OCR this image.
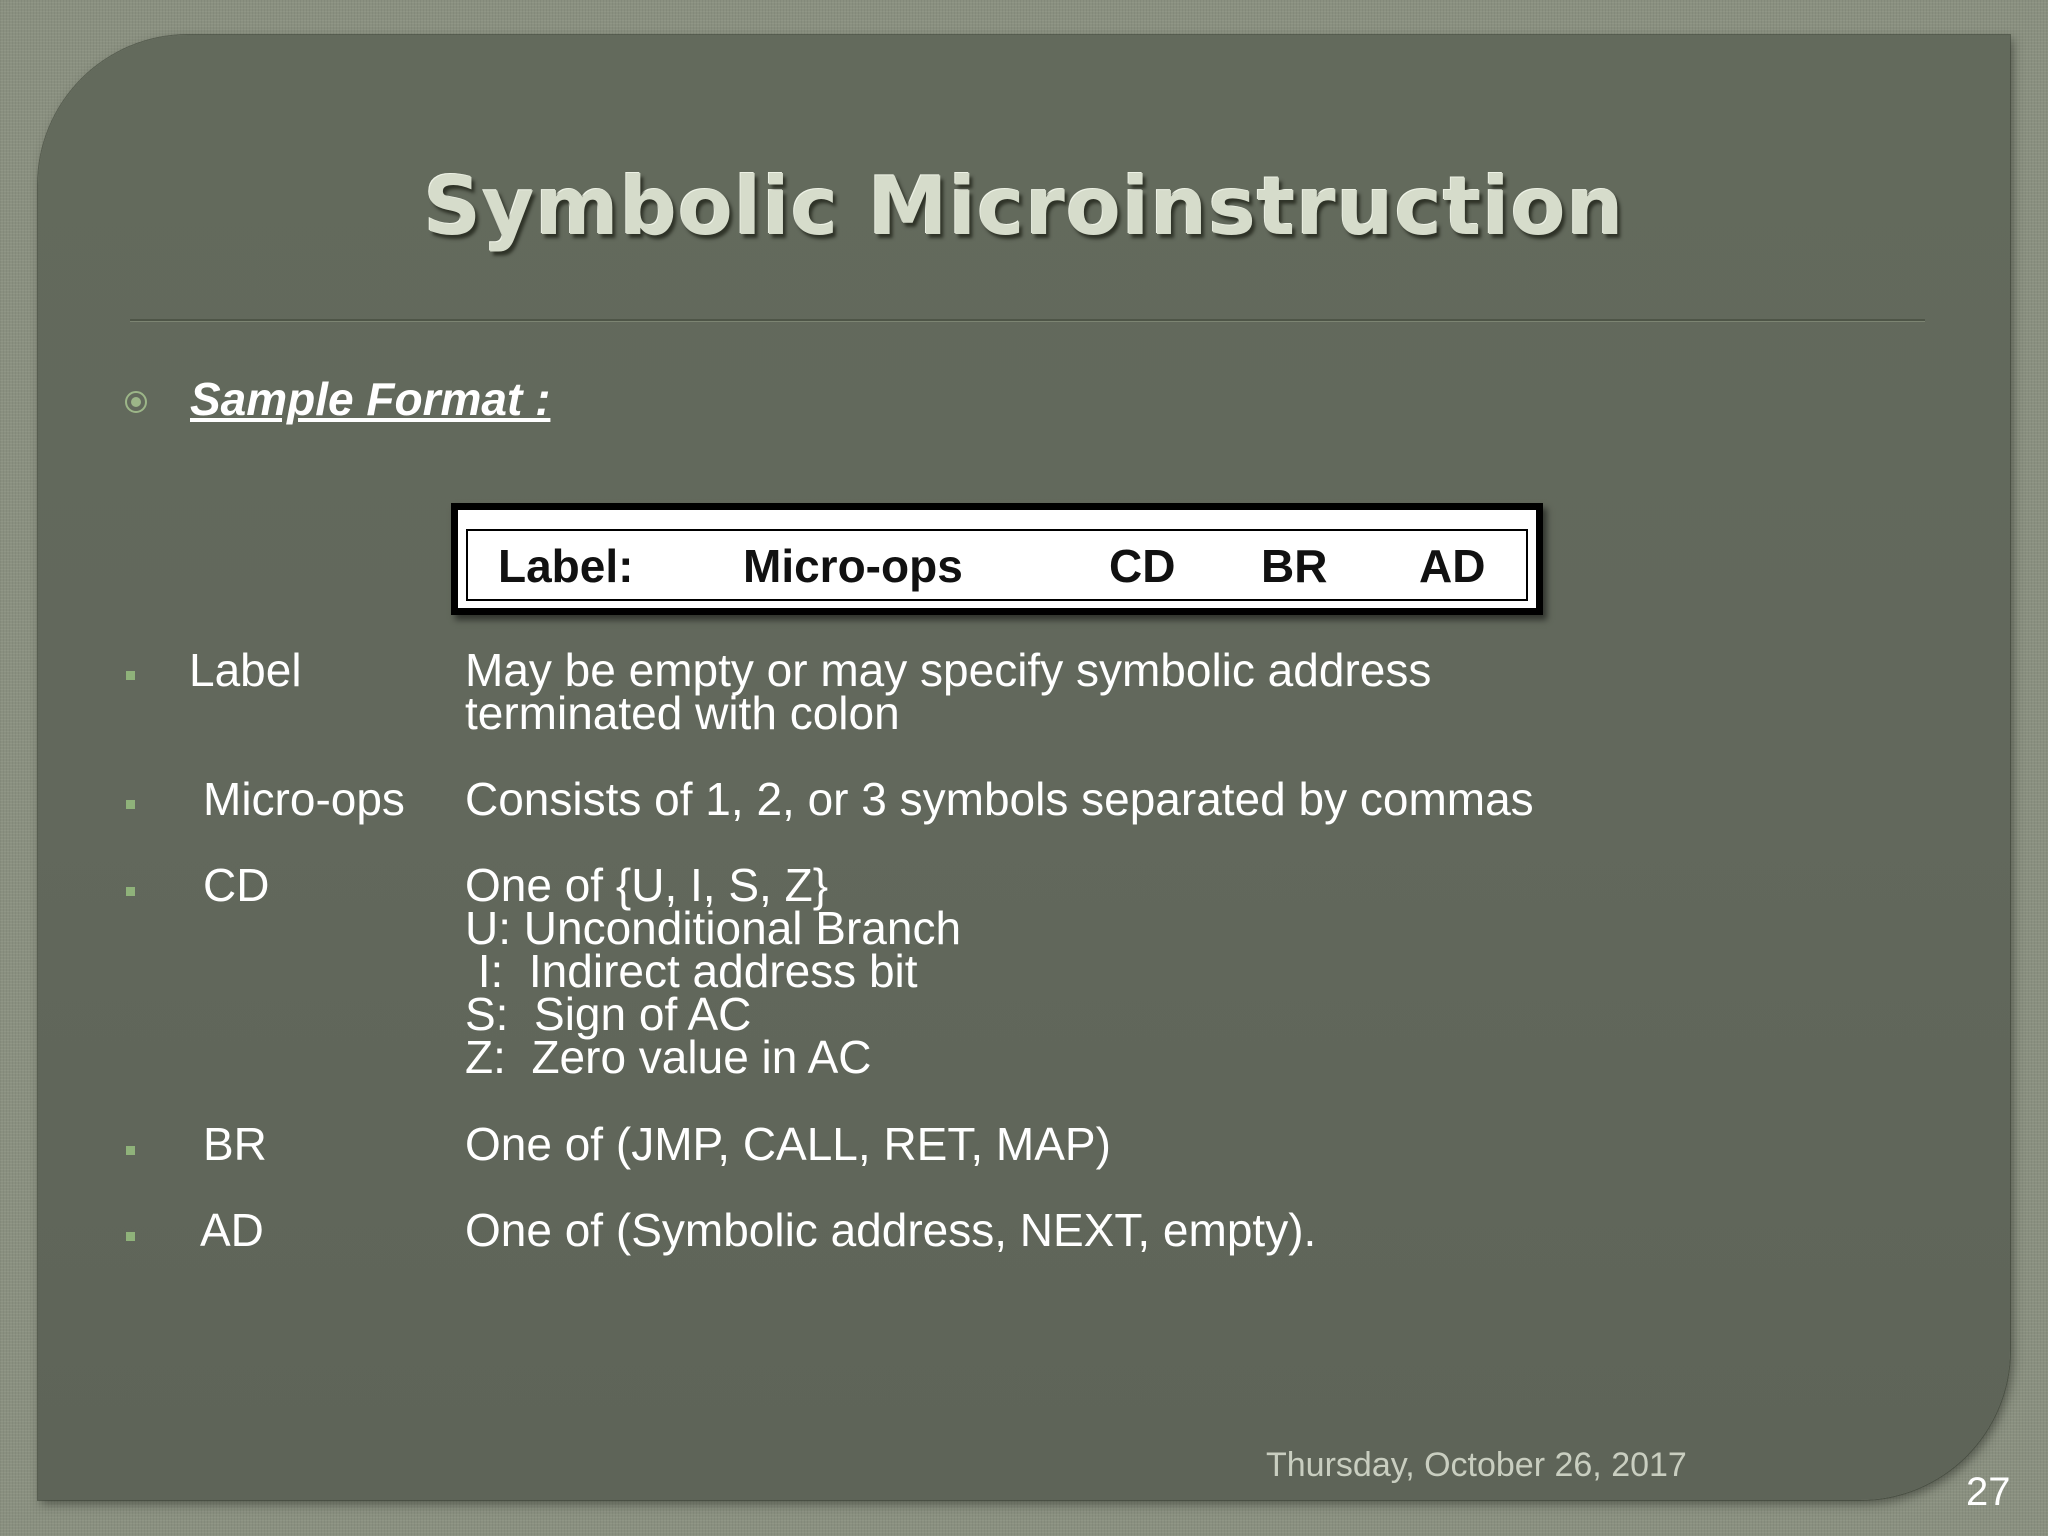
Symbolic Microinstruction
Sample Format :
Label: Micro-ops	CD BR AD
Label	May be empty or may specify symbolic address
terminated with colon
Micro-ops Consists of 1, 2, or 3 symbols separated by commas
CD	One of {U, I, S, Z}
U: Unconditional Branch
I:  Indirect address bit
S:  Sign of AC
Z:  Zero value in AC
BR	One of (JMP, CALL, RET, MAP)
AD	One of (Symbolic address, NEXT, empty).
Thursday, October 26, 2017
27
